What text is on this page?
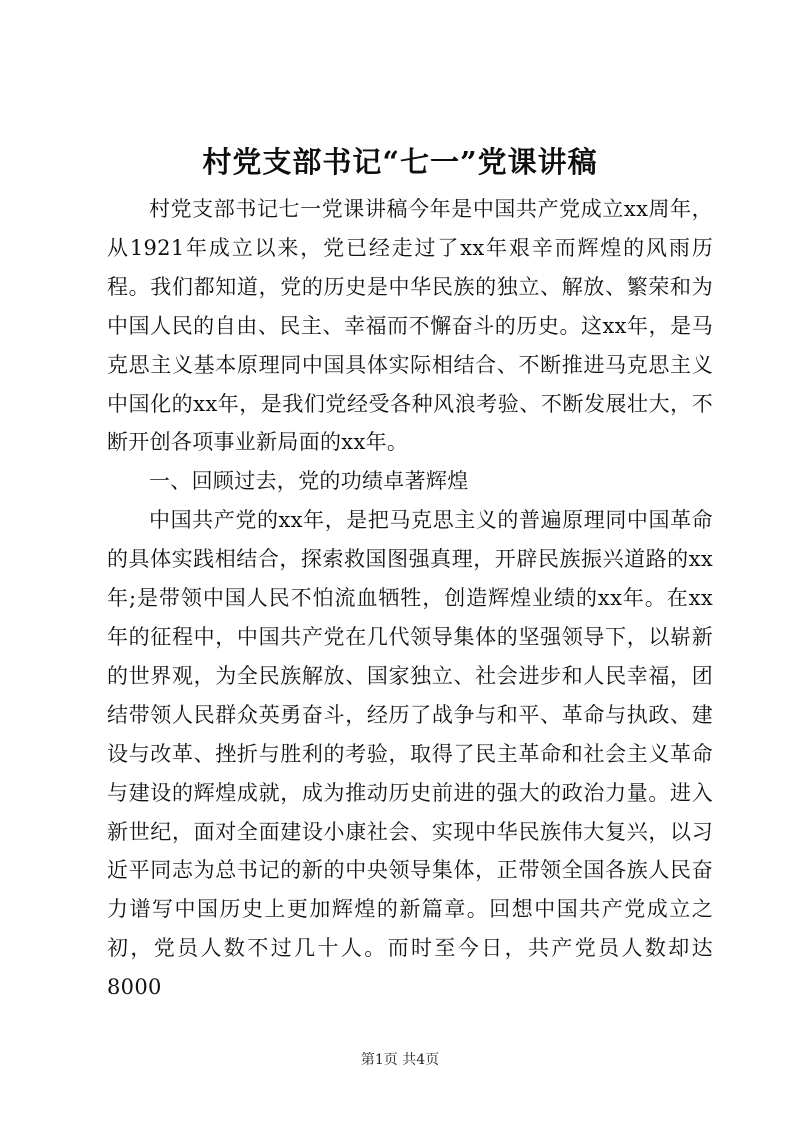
村党支部书记“七一”党课讲稿

村党支部书记七一党课讲稿今年是中国共产党成立xx周年，从1921年成立以来，党已经走过了xx年艰辛而辉煌的风雨历程。我们都知道，党的历史是中华民族的独立、解放、繁荣和为中国人民的自由、民主、幸福而不懈奋斗的历史。这xx年，是马克思主义基本原理同中国具体实际相结合、不断推进马克思主义中国化的xx年，是我们党经受各种风浪考验、不断发展壮大，不断开创各项事业新局面的xx年。

一、回顾过去，党的功绩卓著辉煌

中国共产党的xx年，是把马克思主义的普遍原理同中国革命的具体实践相结合，探索救国图强真理，开辟民族振兴道路的xx年;是带领中国人民不怕流血牺牲，创造辉煌业绩的xx年。在xx年的征程中，中国共产党在几代领导集体的坚强领导下，以崭新的世界观，为全民族解放、国家独立、社会进步和人民幸福，团结带领人民群众英勇奋斗，经历了战争与和平、革命与执政、建设与改革、挫折与胜利的考验，取得了民主革命和社会主义革命与建设的辉煌成就，成为推动历史前进的强大的政治力量。进入新世纪，面对全面建设小康社会、实现中华民族伟大复兴，以习近平同志为总书记的新的中央领导集体，正带领全国各族人民奋力谱写中国历史上更加辉煌的新篇章。回想中国共产党成立之初，党员人数不过几十人。而时至今日，共产党员人数却达8000

第1页 共4页
